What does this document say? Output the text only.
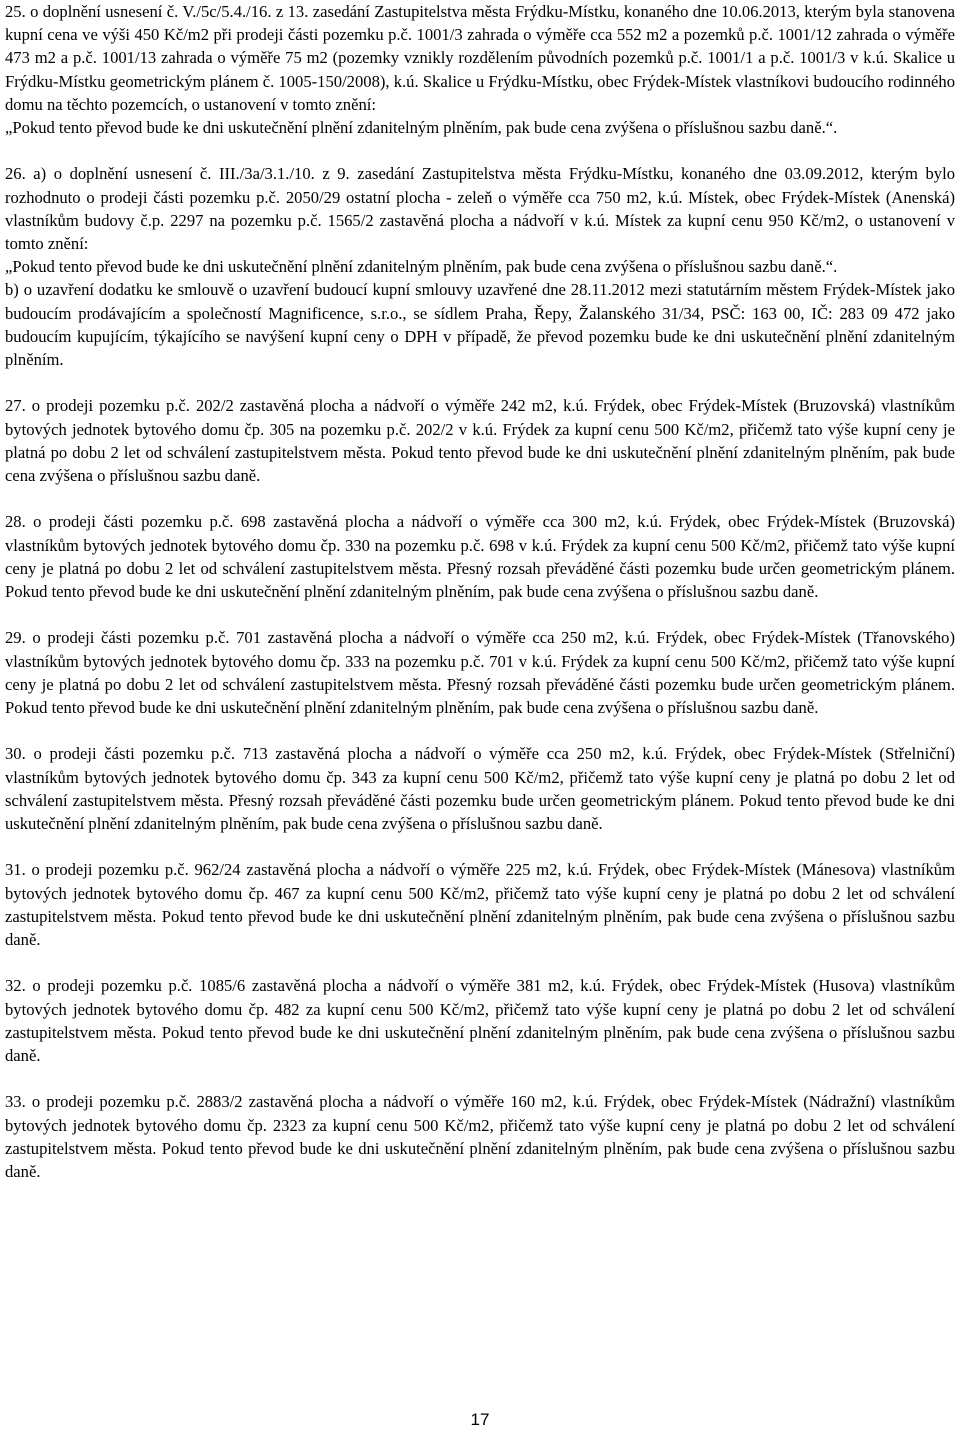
25. o doplnění usnesení č. V./5c/5.4./16. z 13. zasedání Zastupitelstva města Frýdku-Místku, konaného dne 10.06.2013, kterým byla stanovena kupní cena ve výši 450 Kč/m2 při prodeji části pozemku p.č. 1001/3 zahrada o výměře cca 552 m2 a pozemků p.č. 1001/12 zahrada o výměře 473 m2 a p.č. 1001/13 zahrada o výměře 75 m2 (pozemky vznikly rozdělením původních pozemků p.č. 1001/1 a p.č. 1001/3 v k.ú. Skalice u Frýdku-Místku geometrickým plánem č. 1005-150/2008), k.ú. Skalice u Frýdku-Místku, obec Frýdek-Místek vlastníkovi budoucího rodinného domu na těchto pozemcích, o ustanovení v tomto znění:

„Pokud tento převod bude ke dni uskutečnění plnění zdanitelným plněním, pak bude cena zvýšena o příslušnou sazbu daně.“.

26. a) o doplnění usnesení č. III./3a/3.1./10. z 9. zasedání Zastupitelstva města Frýdku-Místku, konaného dne 03.09.2012, kterým bylo rozhodnuto o prodeji části pozemku p.č. 2050/29 ostatní plocha - zeleň o výměře cca 750 m2, k.ú. Místek, obec Frýdek-Místek (Anenská) vlastníkům budovy č.p. 2297 na pozemku p.č. 1565/2 zastavěná plocha a nádvoří v k.ú. Místek za kupní cenu 950 Kč/m2, o ustanovení v tomto znění:

„Pokud tento převod bude ke dni uskutečnění plnění zdanitelným plněním, pak bude cena zvýšena o příslušnou sazbu daně.“.

b) o uzavření dodatku ke smlouvě o uzavření budoucí kupní smlouvy uzavřené dne 28.11.2012 mezi statutárním městem Frýdek-Místek jako budoucím prodávajícím a společností Magnificence, s.r.o., se sídlem Praha, Řepy, Žalanského 31/34, PSČ: 163 00, IČ: 283 09 472 jako budoucím kupujícím, týkajícího se navýšení kupní ceny o DPH v případě, že převod pozemku bude ke dni uskutečnění plnění zdanitelným plněním.

27. o prodeji pozemku p.č. 202/2 zastavěná plocha a nádvoří o výměře 242 m2, k.ú. Frýdek, obec Frýdek-Místek (Bruzovská) vlastníkům bytových jednotek bytového domu čp. 305 na pozemku p.č. 202/2 v k.ú. Frýdek za kupní cenu 500 Kč/m2, přičemž tato výše kupní ceny je platná po dobu 2 let od schválení zastupitelstvem města. Pokud tento převod bude ke dni uskutečnění plnění zdanitelným plněním, pak bude cena zvýšena o příslušnou sazbu daně.

28. o prodeji části pozemku p.č. 698 zastavěná plocha a nádvoří o výměře cca 300 m2, k.ú. Frýdek, obec Frýdek-Místek (Bruzovská) vlastníkům bytových jednotek bytového domu čp. 330 na pozemku p.č. 698 v k.ú. Frýdek za kupní cenu 500 Kč/m2, přičemž tato výše kupní ceny je platná po dobu 2 let od schválení zastupitelstvem města. Přesný rozsah převáděné části pozemku bude určen geometrickým plánem. Pokud tento převod bude ke dni uskutečnění plnění zdanitelným plněním, pak bude cena zvýšena o příslušnou sazbu daně.

29. o prodeji části pozemku p.č. 701 zastavěná plocha a nádvoří o výměře cca 250 m2, k.ú. Frýdek, obec Frýdek-Místek (Třanovského) vlastníkům bytových jednotek bytového domu čp. 333 na pozemku p.č. 701 v k.ú. Frýdek za kupní cenu 500 Kč/m2, přičemž tato výše kupní ceny je platná po dobu 2 let od schválení zastupitelstvem města. Přesný rozsah převáděné části pozemku bude určen geometrickým plánem. Pokud tento převod bude ke dni uskutečnění plnění zdanitelným plněním, pak bude cena zvýšena o příslušnou sazbu daně.

30. o prodeji části pozemku p.č. 713 zastavěná plocha a nádvoří o výměře cca 250 m2, k.ú. Frýdek, obec Frýdek-Místek (Střelniční) vlastníkům bytových jednotek bytového domu čp. 343 za kupní cenu 500 Kč/m2, přičemž tato výše kupní ceny je platná po dobu 2 let od schválení zastupitelstvem města. Přesný rozsah převáděné části pozemku bude určen geometrickým plánem. Pokud tento převod bude ke dni uskutečnění plnění zdanitelným plněním, pak bude cena zvýšena o příslušnou sazbu daně.

31. o prodeji pozemku p.č. 962/24 zastavěná plocha a nádvoří o výměře 225 m2, k.ú. Frýdek, obec Frýdek-Místek (Mánesova) vlastníkům bytových jednotek bytového domu čp. 467 za kupní cenu 500 Kč/m2, přičemž tato výše kupní ceny je platná po dobu 2 let od schválení zastupitelstvem města. Pokud tento převod bude ke dni uskutečnění plnění zdanitelným plněním, pak bude cena zvýšena o příslušnou sazbu daně.

32. o prodeji pozemku p.č. 1085/6 zastavěná plocha a nádvoří o výměře 381 m2, k.ú. Frýdek, obec Frýdek-Místek (Husova) vlastníkům bytových jednotek bytového domu čp. 482 za kupní cenu 500 Kč/m2, přičemž tato výše kupní ceny je platná po dobu 2 let od schválení zastupitelstvem města. Pokud tento převod bude ke dni uskutečnění plnění zdanitelným plněním, pak bude cena zvýšena o příslušnou sazbu daně.

33. o prodeji pozemku p.č. 2883/2 zastavěná plocha a nádvoří o výměře 160 m2, k.ú. Frýdek, obec Frýdek-Místek (Nádražní) vlastníkům bytových jednotek bytového domu čp. 2323 za kupní cenu 500 Kč/m2, přičemž tato výše kupní ceny je platná po dobu 2 let od schválení zastupitelstvem města. Pokud tento převod bude ke dni uskutečnění plnění zdanitelným plněním, pak bude cena zvýšena o příslušnou sazbu daně.

17
